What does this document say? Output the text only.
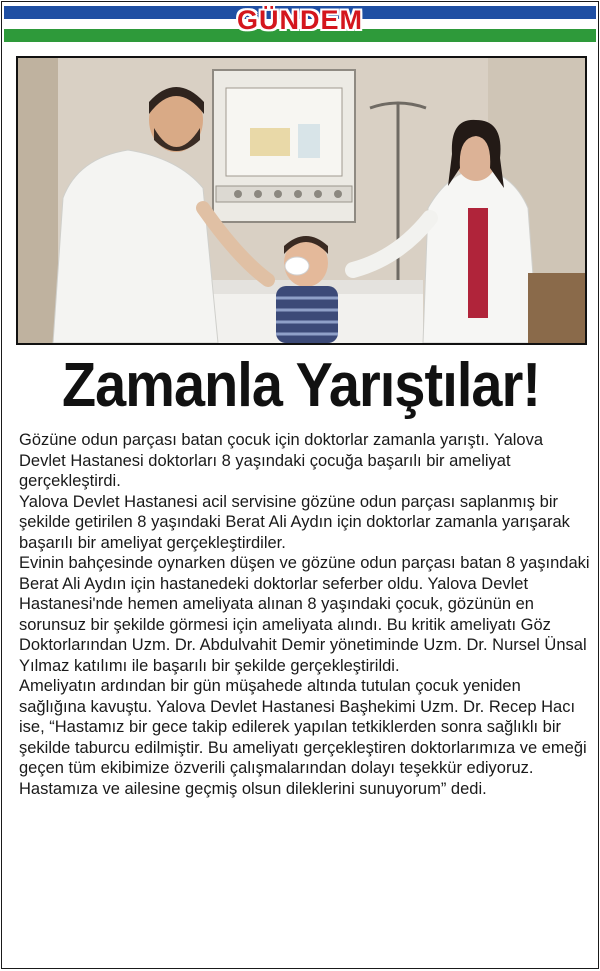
GÜNDEM
Zamanla Yarıştılar!

Gözüne odun parçası batan çocuk için doktorlar zamanla yarıştı. Yalova Devlet Hastanesi doktorları 8 yaşındaki çocuğa başarılı bir ameliyat gerçekleştirdi.

Yalova Devlet Hastanesi acil servisine gözüne odun parçası saplanmış bir şekilde getirilen 8 yaşındaki Berat Ali Aydın için doktorlar zamanla yarışarak başarılı bir ameliyat gerçekleştirdiler.

Evinin bahçesinde oynarken düşen ve gözüne odun parçası batan 8 yaşındaki Berat Ali Aydın için hastanedeki doktorlar seferber oldu. Yalova Devlet Hastanesi'nde hemen ameliyata alınan 8 yaşındaki çocuk, gözünün en sorunsuz bir şekilde görmesi için ameliyata alındı. Bu kritik ameliyatı Göz Doktorlarından Uzm. Dr. Abdulvahit Demir yönetiminde Uzm. Dr. Nursel Ünsal Yılmaz katılımı ile başarılı bir şekilde gerçekleştirildi.

Ameliyatın ardından bir gün müşahede altında tutulan çocuk yeniden sağlığına kavuştu. Yalova Devlet Hastanesi Başhekimi Uzm. Dr. Recep Hacı ise, “Hastamız bir gece takip edilerek yapılan tetkiklerden sonra sağlıklı bir şekilde taburcu edilmiştir. Bu ameliyatı gerçekleştiren doktorlarımıza ve emeği geçen tüm ekibimize özverili çalışmalarından dolayı teşekkür ediyoruz. Hastamıza ve ailesine geçmiş olsun dileklerini sunuyorum” dedi.
